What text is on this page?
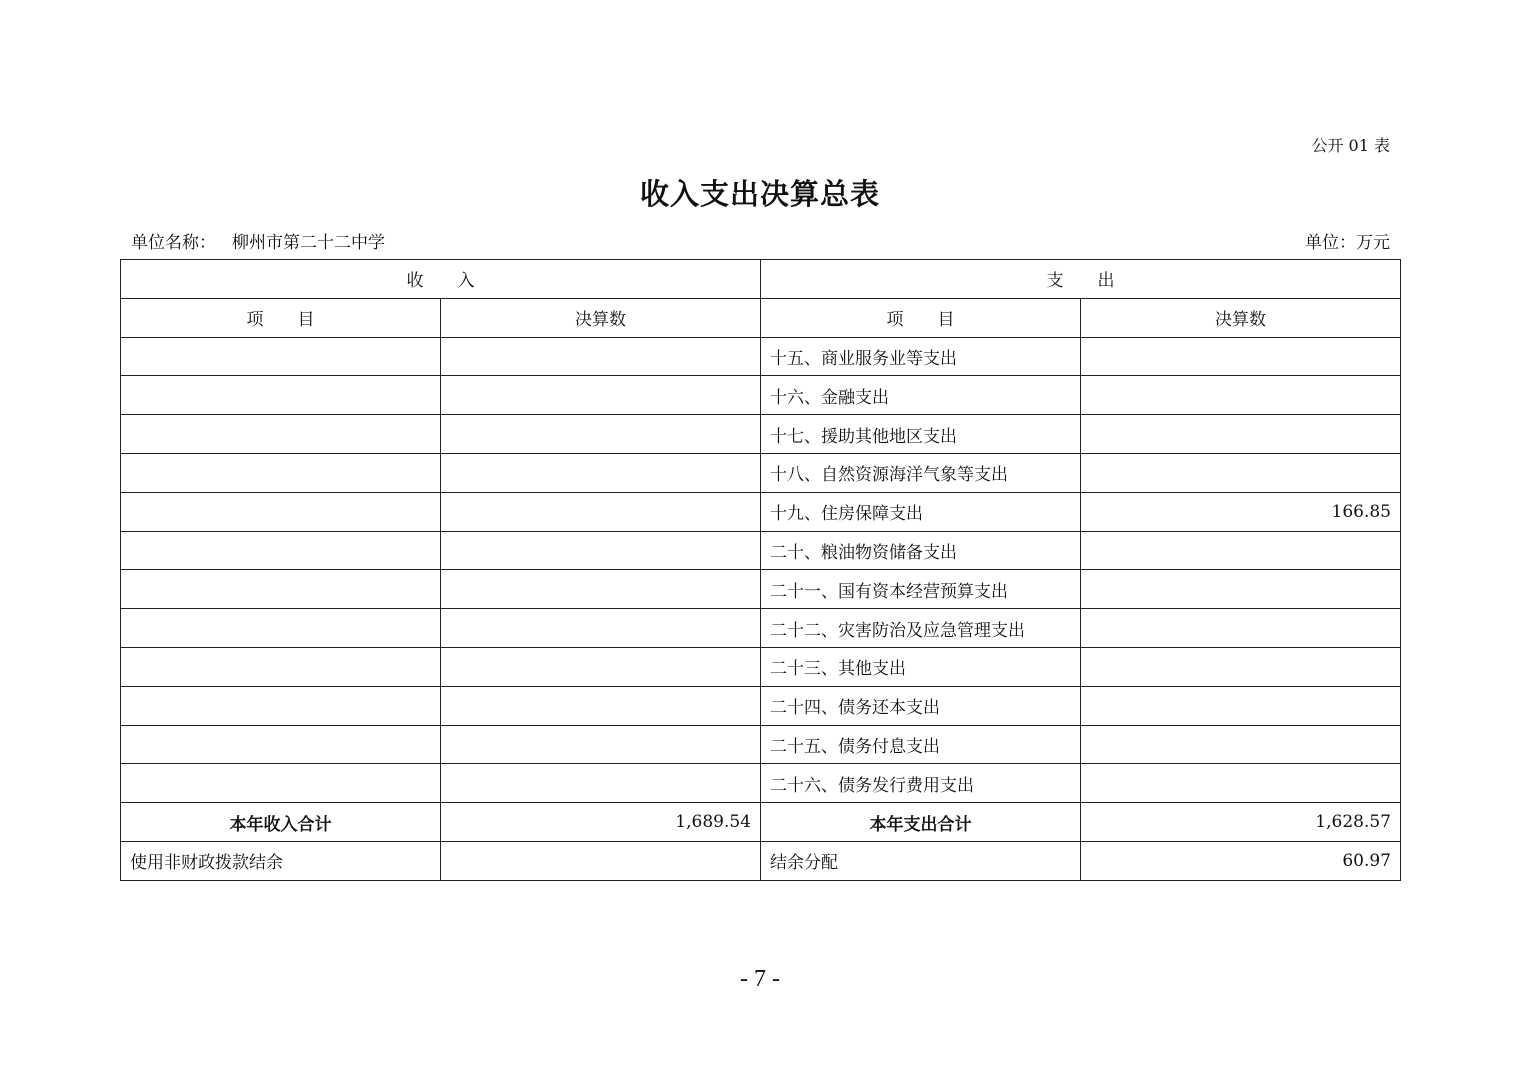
公开 01 表
收入支出决算总表
单位名称： 柳州市第二十二中学	单位：万元
收　　入		支　　出	
项　　目	决算数	项　　目	决算数
		十五、商业服务业等支出	
		十六、金融支出	
		十七、援助其他地区支出	
		十八、自然资源海洋气象等支出	
		十九、住房保障支出	166.85
		二十、粮油物资储备支出	
		二十一、国有资本经营预算支出	
		二十二、灾害防治及应急管理支出	
		二十三、其他支出	
		二十四、债务还本支出	
		二十五、债务付息支出	
		二十六、债务发行费用支出	
本年收入合计	1,689.54	本年支出合计	1,628.57
使用非财政拨款结余		结余分配	60.97
- 7 -
